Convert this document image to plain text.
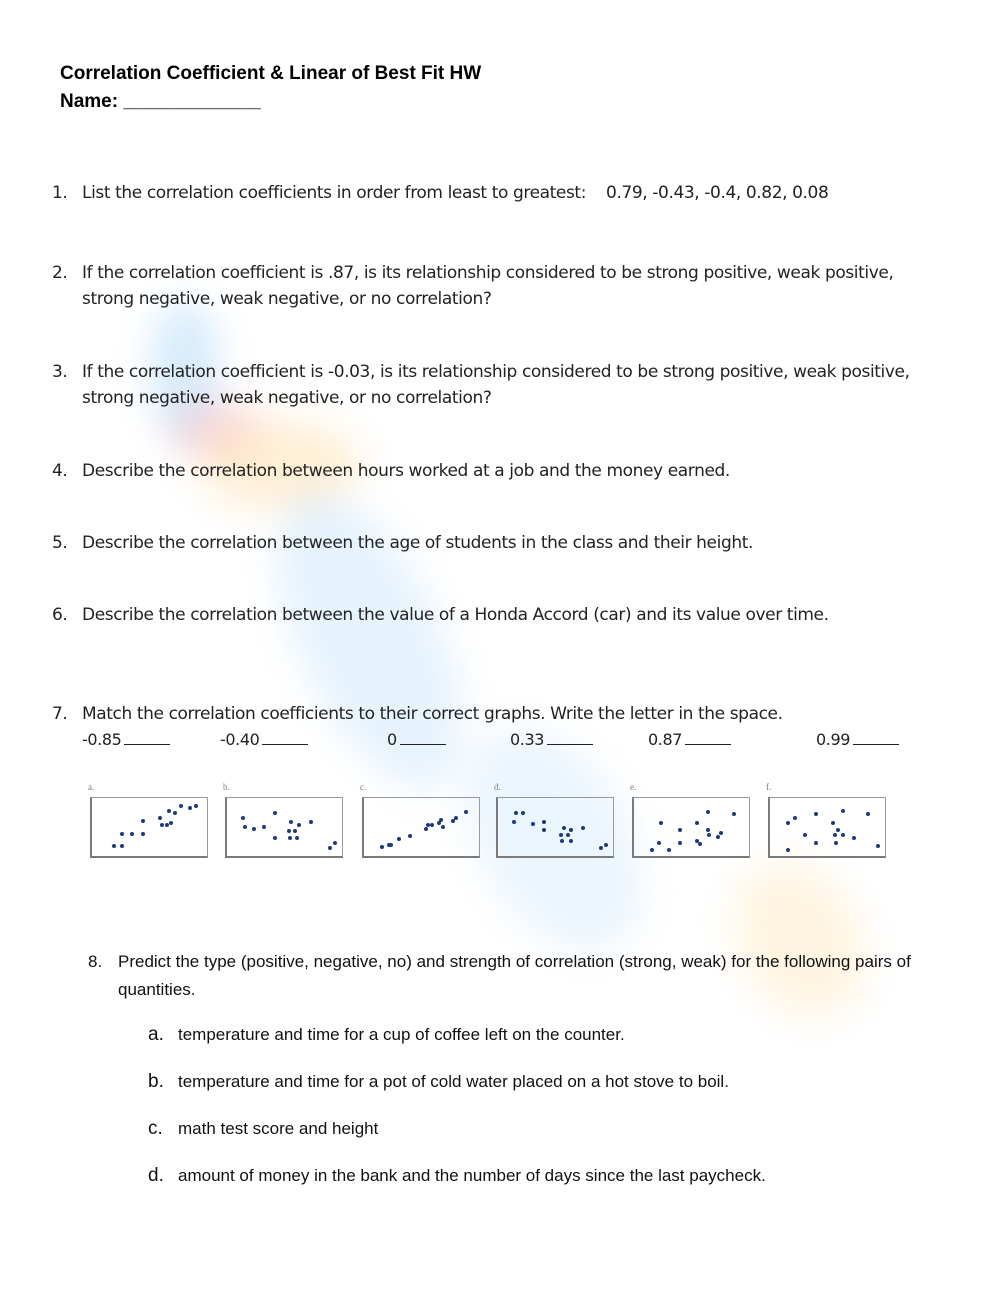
Correlation Coefficient & Linear of Best Fit HW
Name: _____________
1. List the correlation coefficients in order from least to greatest:    0.79, -0.43, -0.4, 0.82, 0.08
2. If the correlation coefficient is .87, is its relationship considered to be strong positive, weak positive, strong negative, weak negative, or no correlation?
3. If the correlation coefficient is -0.03, is its relationship considered to be strong positive, weak positive, strong negative, weak negative, or no correlation?
4. Describe the correlation between hours worked at a job and the money earned.
5. Describe the correlation between the age of students in the class and their height.
6. Describe the correlation between the value of a Honda Accord (car) and its value over time.
7. Match the correlation coefficients to their correct graphs. Write the letter in the space.
-0.85	-0.40	0	0.33	0.87	0.99
a.	b.	c.	d.	e.	f.
8. Predict the type (positive, negative, no) and strength of correlation (strong, weak) for the following pairs of quantities.
a. temperature and time for a cup of coffee left on the counter.
b. temperature and time for a pot of cold water placed on a hot stove to boil.
c. math test score and height
d. amount of money in the bank and the number of days since the last paycheck.
